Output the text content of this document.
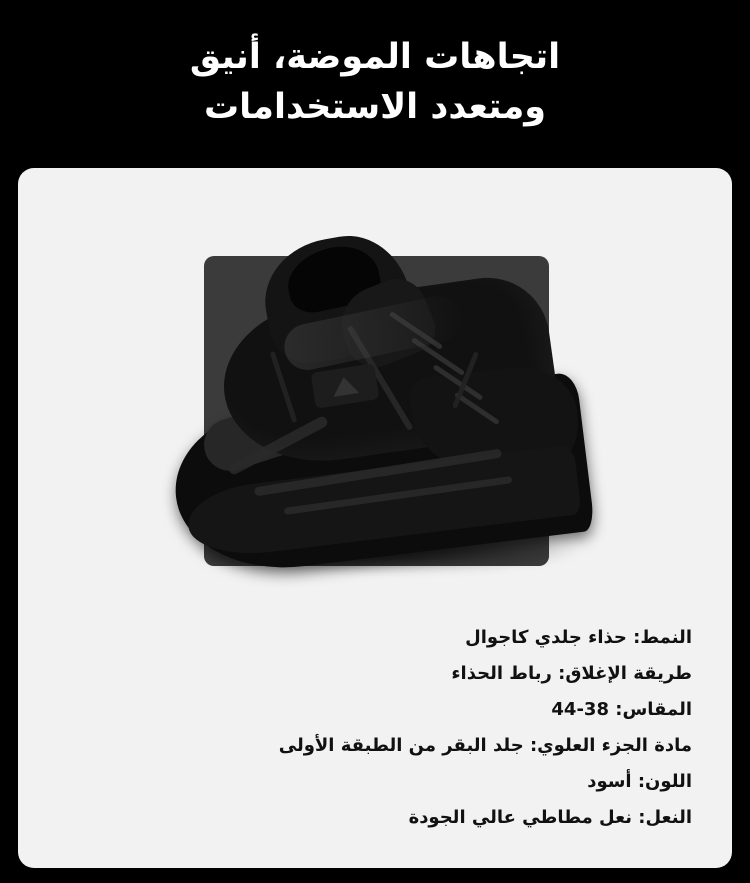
اتجاهات الموضة، أنيق
ومتعدد الاستخدامات
النمط: حذاء جلدي كاجوال
طريقة الإغلاق: رباط الحذاء
المقاس: 38-44
مادة الجزء العلوي: جلد البقر من الطبقة الأولى
اللون: أسود
النعل: نعل مطاطي عالي الجودة
